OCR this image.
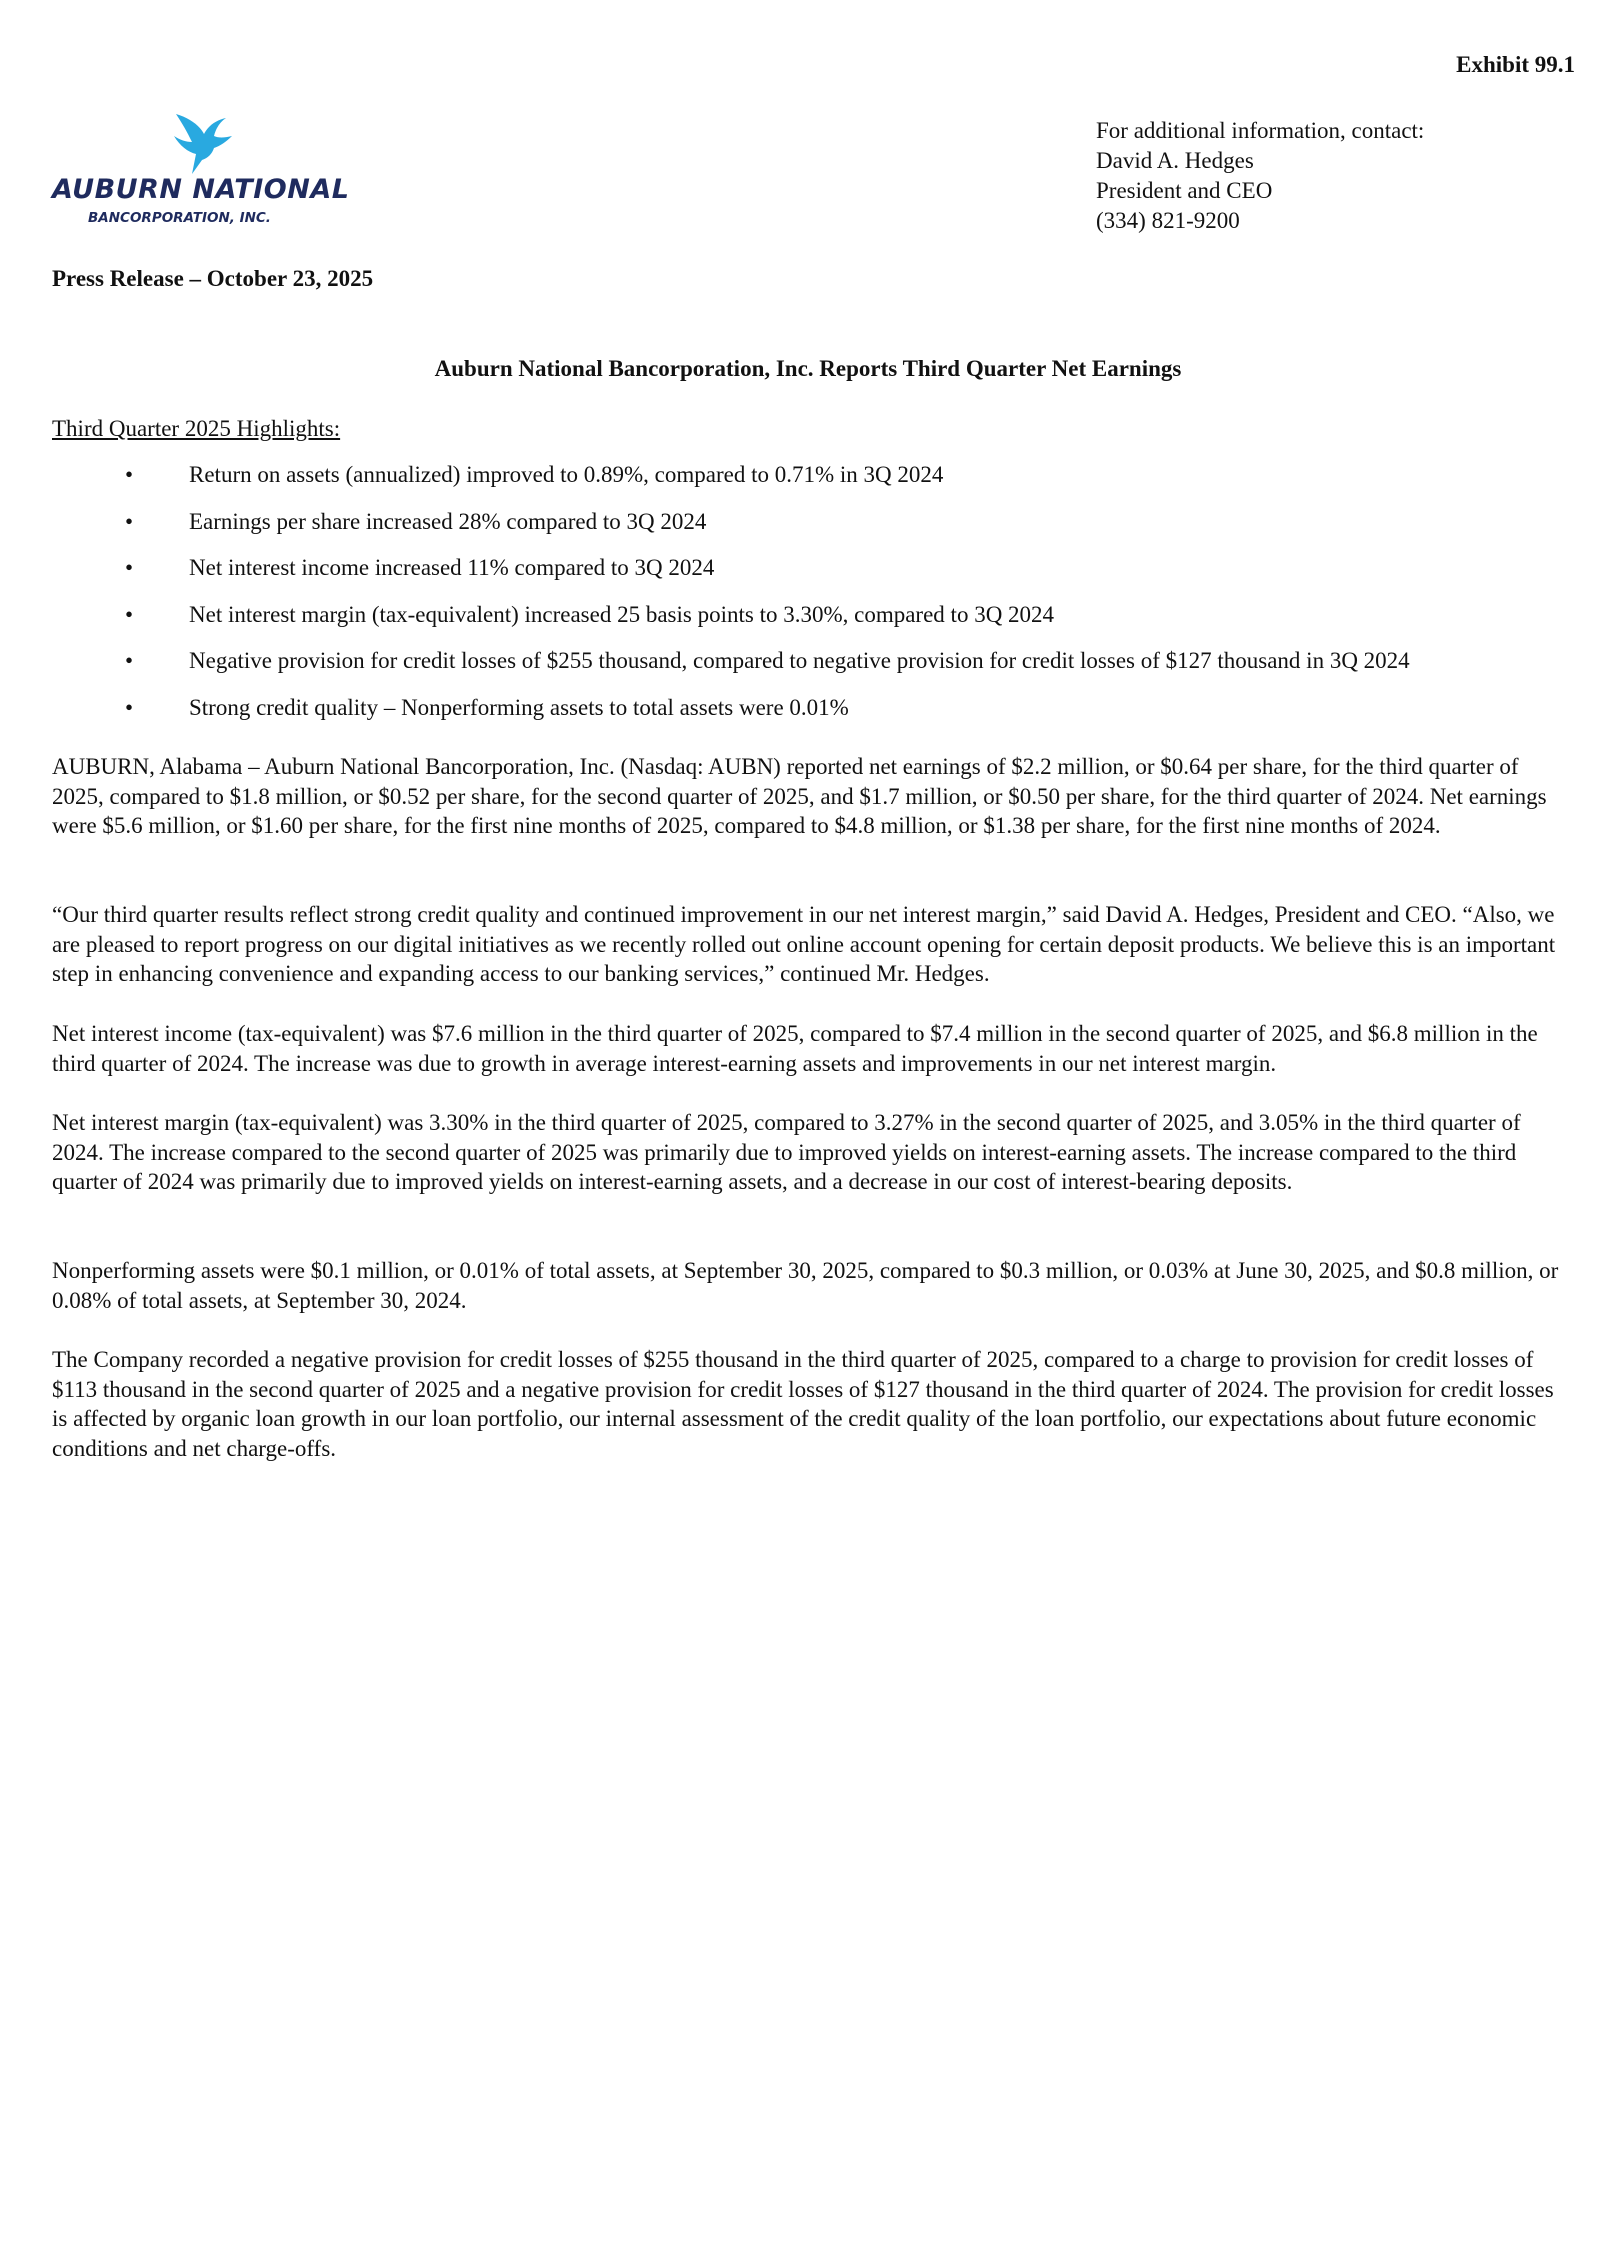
Exhibit 99.1
AUBURN NATIONAL
BANCORPORATION, INC.
For additional information, contact:
David A. Hedges
President and CEO
(334) 821-9200
Press Release – October 23, 2025
Auburn National Bancorporation, Inc. Reports Third Quarter Net Earnings
Third Quarter 2025 Highlights:
• Return on assets (annualized) improved to 0.89%, compared to 0.71% in 3Q 2024
• Earnings per share increased 28% compared to 3Q 2024
• Net interest income increased 11% compared to 3Q 2024
• Net interest margin (tax-equivalent) increased 25 basis points to 3.30%, compared to 3Q 2024
• Negative provision for credit losses of $255 thousand, compared to negative provision for credit losses of $127 thousand in 3Q 2024
• Strong credit quality – Nonperforming assets to total assets were 0.01%

AUBURN, Alabama – Auburn National Bancorporation, Inc. (Nasdaq: AUBN) reported net earnings of $2.2 million, or $0.64 per share, for the third quarter of 2025, compared to $1.8 million, or $0.52 per share, for the second quarter of 2025, and $1.7 million, or $0.50 per share, for the third quarter of 2024. Net earnings were $5.6 million, or $1.60 per share, for the first nine months of 2025, compared to $4.8 million, or $1.38 per share, for the first nine months of 2024.

“Our third quarter results reflect strong credit quality and continued improvement in our net interest margin,” said David A. Hedges, President and CEO. “Also, we are pleased to report progress on our digital initiatives as we recently rolled out online account opening for certain deposit products. We believe this is an important step in enhancing convenience and expanding access to our banking services,” continued Mr. Hedges.

Net interest income (tax-equivalent) was $7.6 million in the third quarter of 2025, compared to $7.4 million in the second quarter of 2025, and $6.8 million in the third quarter of 2024. The increase was due to growth in average interest-earning assets and improvements in our net interest margin.

Net interest margin (tax-equivalent) was 3.30% in the third quarter of 2025, compared to 3.27% in the second quarter of 2025, and 3.05% in the third quarter of 2024. The increase compared to the second quarter of 2025 was primarily due to improved yields on interest-earning assets. The increase compared to the third quarter of 2024 was primarily due to improved yields on interest-earning assets, and a decrease in our cost of interest-bearing deposits.

Nonperforming assets were $0.1 million, or 0.01% of total assets, at September 30, 2025, compared to $0.3 million, or 0.03% at June 30, 2025, and $0.8 million, or 0.08% of total assets, at September 30, 2024.

The Company recorded a negative provision for credit losses of $255 thousand in the third quarter of 2025, compared to a charge to provision for credit losses of $113 thousand in the second quarter of 2025 and a negative provision for credit losses of $127 thousand in the third quarter of 2024. The provision for credit losses is affected by organic loan growth in our loan portfolio, our internal assessment of the credit quality of the loan portfolio, our expectations about future economic conditions and net charge-offs.
